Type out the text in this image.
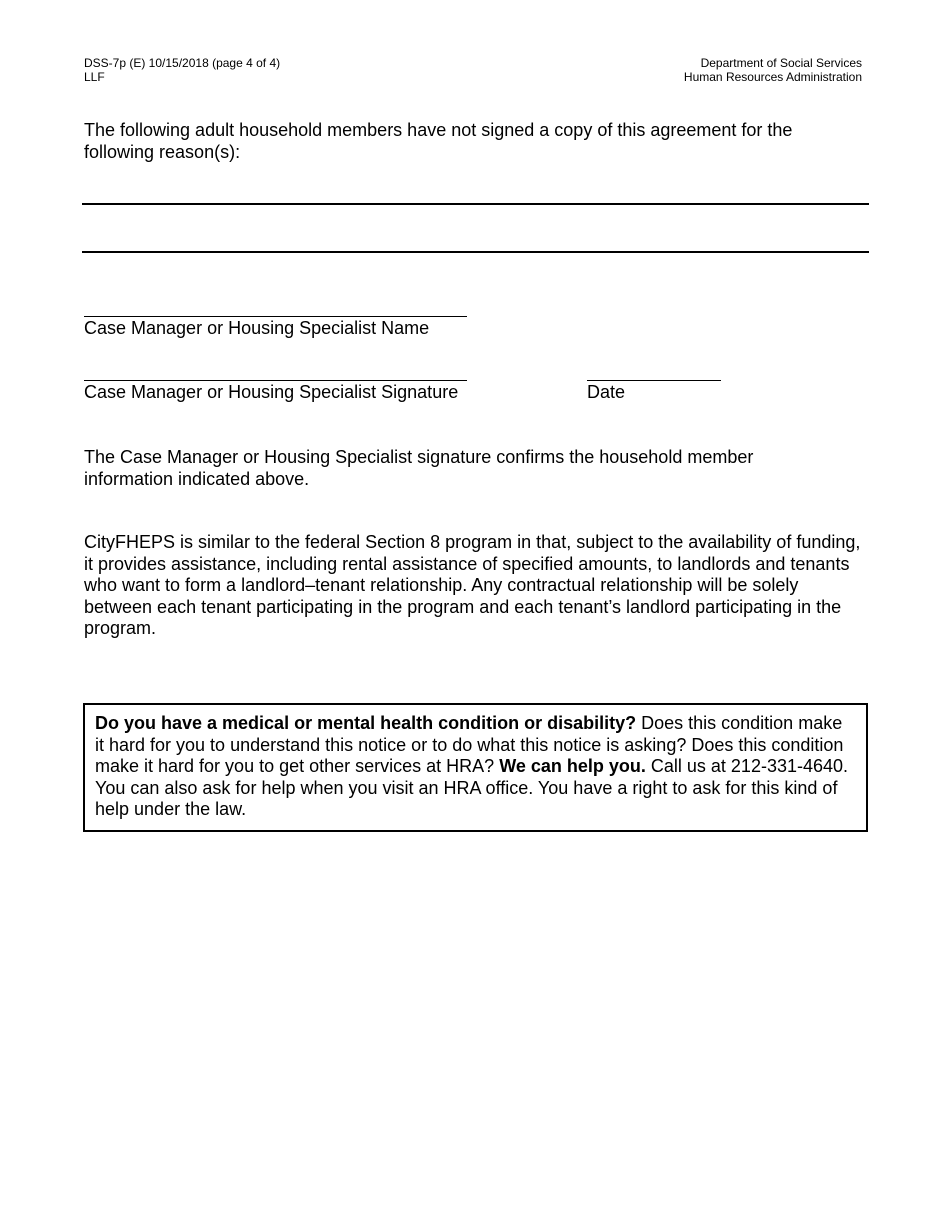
DSS-7p (E) 10/15/2018 (page 4 of 4)
LLF
Department of Social Services
Human Resources Administration
The following adult household members have not signed a copy of this agreement for the following reason(s):
Case Manager or Housing Specialist Name
Case Manager or Housing Specialist Signature	Date
The Case Manager or Housing Specialist signature confirms the household member information indicated above.
CityFHEPS is similar to the federal Section 8 program in that, subject to the availability of funding, it provides assistance, including rental assistance of specified amounts, to landlords and tenants who want to form a landlord–tenant relationship. Any contractual relationship will be solely between each tenant participating in the program and each tenant’s landlord participating in the program.
Do you have a medical or mental health condition or disability? Does this condition make it hard for you to understand this notice or to do what this notice is asking? Does this condition make it hard for you to get other services at HRA? We can help you. Call us at 212-331-4640. You can also ask for help when you visit an HRA office. You have a right to ask for this kind of help under the law.
